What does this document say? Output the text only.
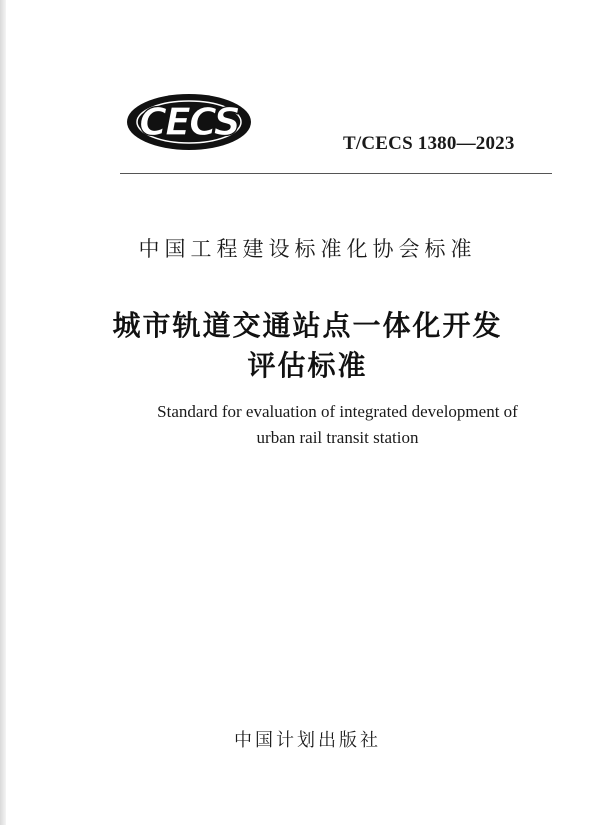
CECS	T/CECS 1380—2023
中国工程建设标准化协会标准
城市轨道交通站点一体化开发
评估标准
Standard for evaluation of integrated development of
urban rail transit station
中国计划出版社
